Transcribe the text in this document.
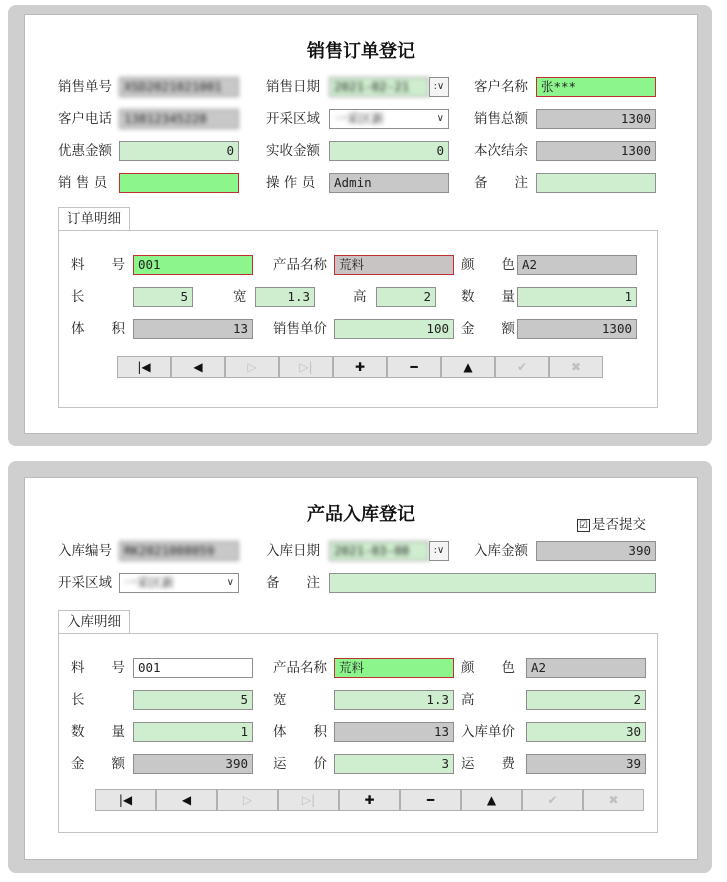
销售订单登记
销售单号 XSD2021021001	销售日期	2021-02-21	:∨	客户名称	张***
客户电话 13812345228	开采区域	一采区新	∨ 销售总额	1300
优惠金额	0	实收金额	0	本次结余	1300
销 售 员	操 作 员	Admin	备　　注
订单明细
料　　号	001	产品名称 荒料	颜　　色 A2
长	5	宽	1.3	高	2	数　　量	1
体　　积	13	销售单价	100 金　　额	1300
|◀	◀	▷	▷|	✚	━	▲	✔	✖
产品入库登记	☑ 是否提交
入库编号 RK2021008059	入库日期	2021-03-08	:∨	入库金额	390
开采区域 一采区新	∨ 备　　注
入库明细
料　　号	001	产品名称 荒料	颜　　色	A2
长	5	宽	1.3 高	2
数　　量	1	体　　积	13 入库单价	30
金　　额	390	运　　价	3 运　　费	39
|◀	◀	▷	▷|	✚	━	▲	✔	✖
